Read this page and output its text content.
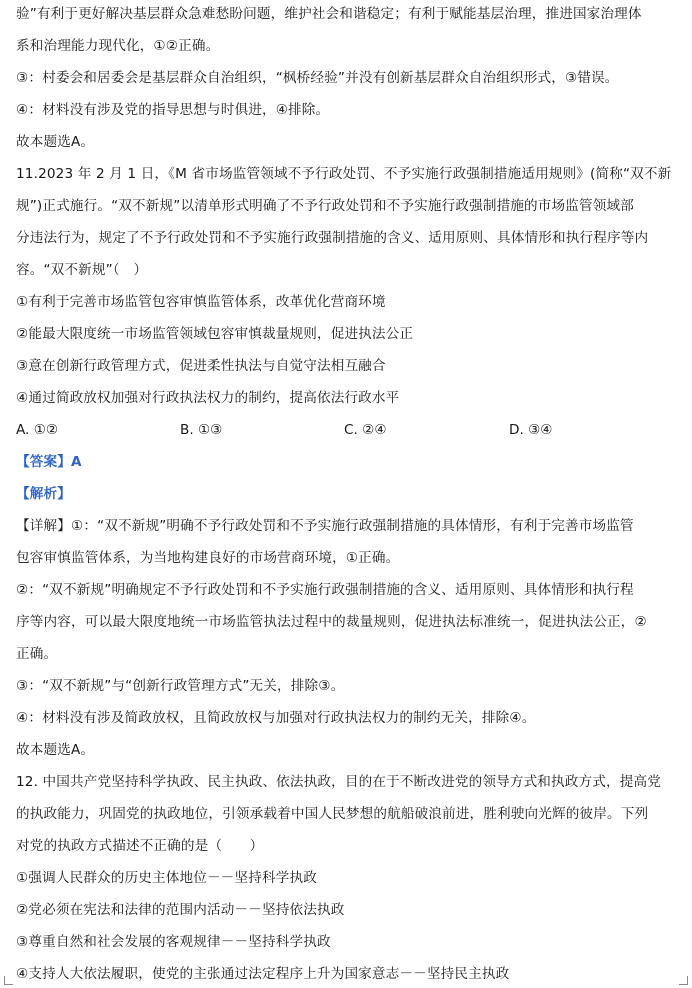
验”有利于更好解决基层群众急难愁盼问题，维护社会和谐稳定；有利于赋能基层治理，推进国家治理体
系和治理能力现代化，①②正确。
③：村委会和居委会是基层群众自治组织，“枫桥经验”并没有创新基层群众自治组织形式，③错误。
④：材料没有涉及党的指导思想与时俱进，④排除。
故本题选A。
11.2023 年 2 月 1 日，《M 省市场监管领域不予行政处罚、不予实施行政强制措施适用规则》(简称“双不新
规”)正式施行。“双不新规”以清单形式明确了不予行政处罚和不予实施行政强制措施的市场监管领域部
分违法行为，规定了不予行政处罚和不予实施行政强制措施的含义、适用原则、具体情形和执行程序等内
容。“双不新规”（　）
①有利于完善市场监管包容审慎监管体系，改革优化营商环境
②能最大限度统一市场监管领域包容审慎裁量规则，促进执法公正
③意在创新行政管理方式，促进柔性执法与自觉守法相互融合
④通过简政放权加强对行政执法权力的制约，提高依法行政水平
A. ①②	B. ①③	C. ②④	D. ③④
【答案】A
【解析】
【详解】①：“双不新规”明确不予行政处罚和不予实施行政强制措施的具体情形，有利于完善市场监管
包容审慎监管体系，为当地构建良好的市场营商环境，①正确。
②：“双不新规”明确规定不予行政处罚和不予实施行政强制措施的含义、适用原则、具体情形和执行程
序等内容，可以最大限度地统一市场监管执法过程中的裁量规则，促进执法标准统一，促进执法公正，②
正确。
③：“双不新规”与“创新行政管理方式”无关，排除③。
④：材料没有涉及简政放权，且简政放权与加强对行政执法权力的制约无关，排除④。
故本题选A。
12. 中国共产党坚持科学执政、民主执政、依法执政，目的在于不断改进党的领导方式和执政方式，提高党
的执政能力，巩固党的执政地位，引领承载着中国人民梦想的航船破浪前进，胜利驶向光辉的彼岸。下列
对党的执政方式描述不正确的是（　　）
①强调人民群众的历史主体地位－－坚持科学执政
②党必须在宪法和法律的范围内活动－－坚持依法执政
③尊重自然和社会发展的客观规律－－坚持科学执政
④支持人大依法履职，使党的主张通过法定程序上升为国家意志－－坚持民主执政
